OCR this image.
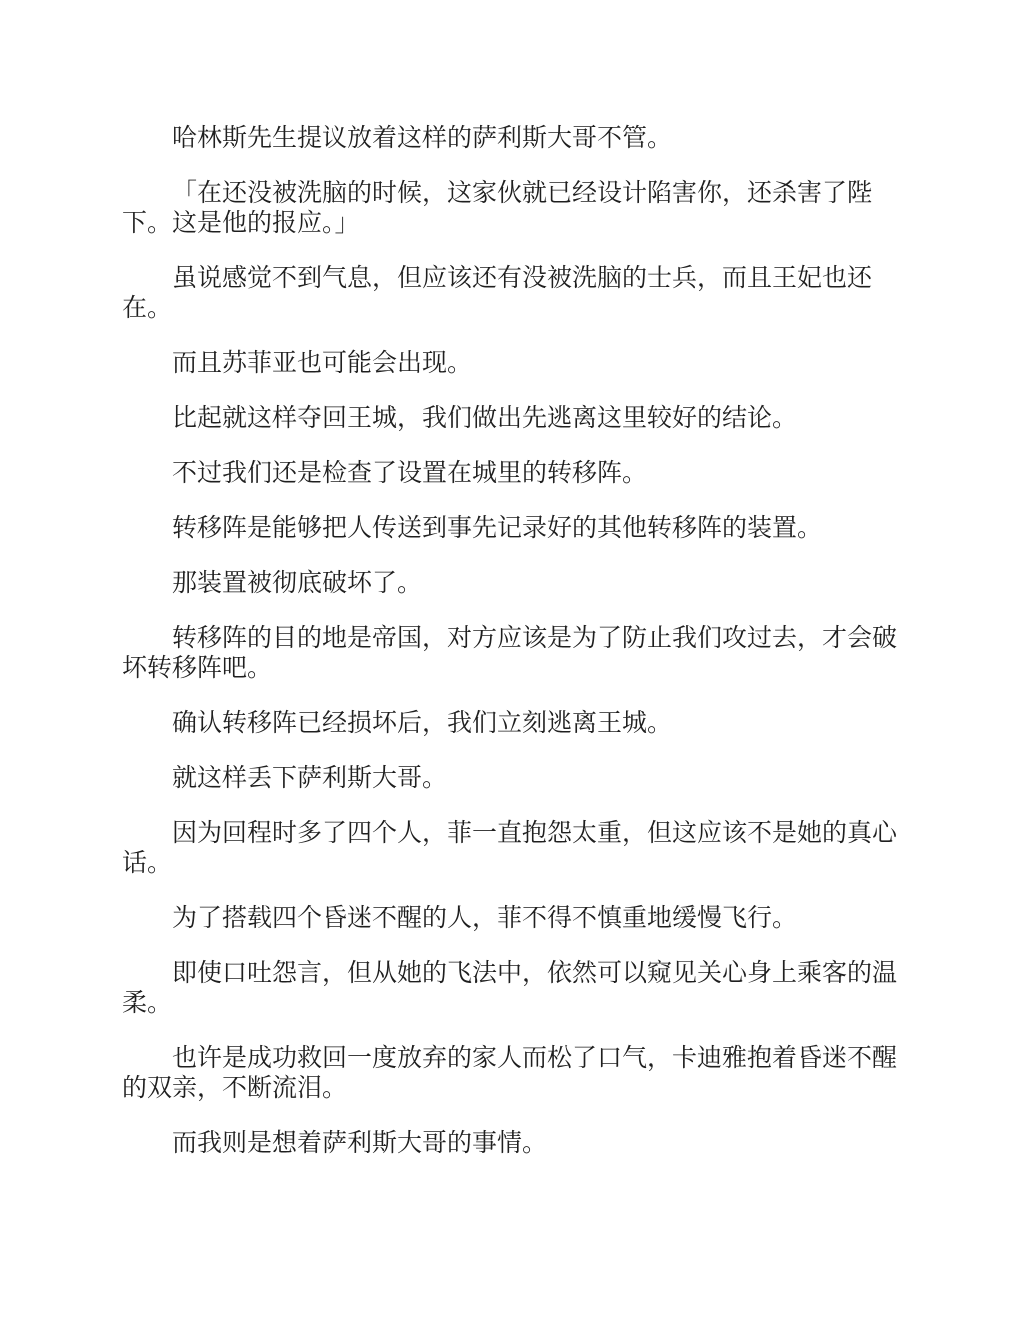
哈林斯先生提议放着这样的萨利斯大哥不管。

「在还没被洗脑的时候，这家伙就已经设计陷害你，还杀害了陛下。这是他的报应。」

虽说感觉不到气息，但应该还有没被洗脑的士兵，而且王妃也还在。

而且苏菲亚也可能会出现。

比起就这样夺回王城，我们做出先逃离这里较好的结论。

不过我们还是检查了设置在城里的转移阵。

转移阵是能够把人传送到事先记录好的其他转移阵的装置。

那装置被彻底破坏了。

转移阵的目的地是帝国，对方应该是为了防止我们攻过去，才会破坏转移阵吧。

确认转移阵已经损坏后，我们立刻逃离王城。

就这样丢下萨利斯大哥。

因为回程时多了四个人，菲一直抱怨太重，但这应该不是她的真心话。

为了搭载四个昏迷不醒的人，菲不得不慎重地缓慢飞行。

即使口吐怨言，但从她的飞法中，依然可以窥见关心身上乘客的温柔。

也许是成功救回一度放弃的家人而松了口气，卡迪雅抱着昏迷不醒的双亲，不断流泪。

而我则是想着萨利斯大哥的事情。
